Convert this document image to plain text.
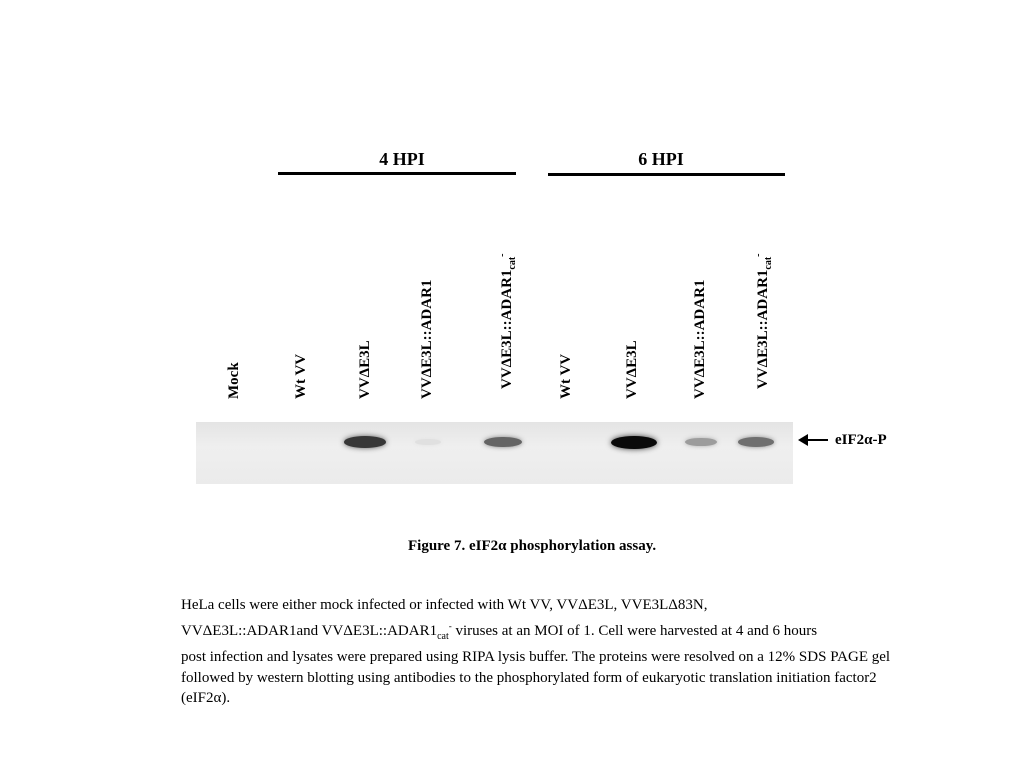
4 HPI	6 HPI
Mock	Wt VV	VVΔE3L	VVΔE3L::ADAR1	$VV\Delta E3L::ADAR1_{cat}^-$
Wt VV	VVΔE3L	VVΔE3L::ADAR1	$VV\Delta E3L::ADAR1_{cat}^-$
eIF2α-P
Figure 7. eIF2α phosphorylation assay.

HeLa cells were either mock infected or infected with Wt VV, VVΔE3L, VVE3LΔ83N,

VVΔE3L::ADAR1and $VV\Delta E3L::ADAR1_{cat}^-$ viruses at an MOI of 1. Cell were harvested at 4 and 6 hours

post infection and lysates were prepared using RIPA lysis buffer. The proteins were resolved on a 12% SDS PAGE gel followed by western blotting using antibodies to the phosphorylated form of eukaryotic translation initiation factor2 (eIF2α).
